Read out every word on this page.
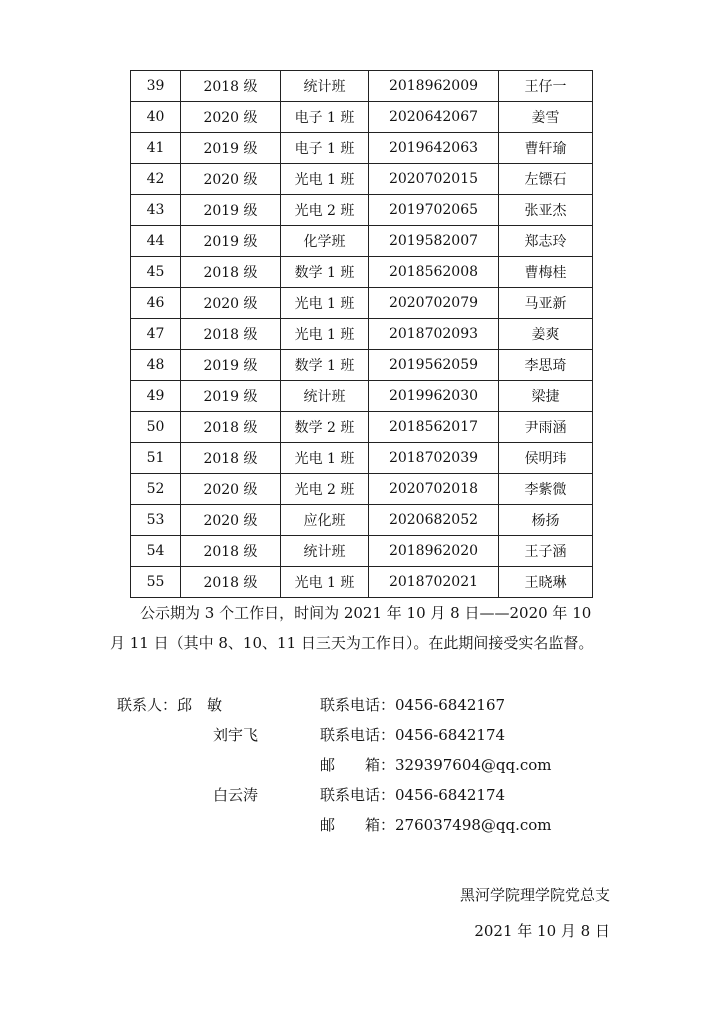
39	2018 级	统计班	2018962009	王仔一
40	2020 级	电子 1 班	2020642067	姜雪
41	2019 级	电子 1 班	2019642063	曹轩瑜
42	2020 级	光电 1 班	2020702015	左镖石
43	2019 级	光电 2 班	2019702065	张亚杰
44	2019 级	化学班	2019582007	郑志玲
45	2018 级	数学 1 班	2018562008	曹梅桂
46	2020 级	光电 1 班	2020702079	马亚新
47	2018 级	光电 1 班	2018702093	姜爽
48	2019 级	数学 1 班	2019562059	李思琦
49	2019 级	统计班	2019962030	梁捷
50	2018 级	数学 2 班	2018562017	尹雨涵
51	2018 级	光电 1 班	2018702039	侯明玮
52	2020 级	光电 2 班	2020702018	李紫微
53	2020 级	应化班	2020682052	杨扬
54	2018 级	统计班	2018962020	王子涵
55	2018 级	光电 1 班	2018702021	王晓琳

公示期为 3 个工作日，时间为 2021 年 10 月 8 日——2020 年 10 月 11 日（其中 8、10、11 日三天为工作日）。在此期间接受实名监督。

联系人：邱　敏	联系电话：0456-6842167
刘宇飞	联系电话：0456-6842174
邮　　箱：329397604@qq.com
白云涛	联系电话：0456-6842174
邮　　箱：276037498@qq.com
黑河学院理学院党总支
2021 年 10 月 8 日
